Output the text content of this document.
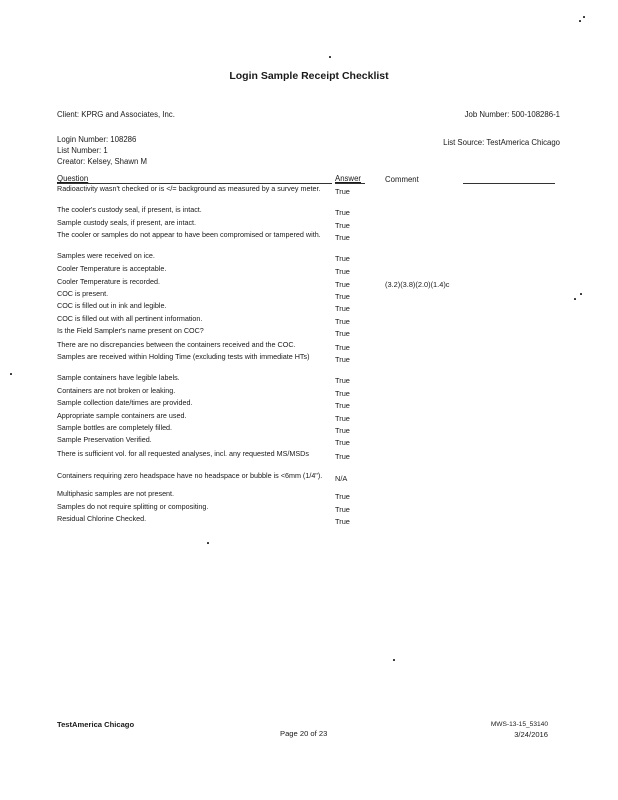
Login Sample Receipt Checklist
Client: KPRG and Associates, Inc.	Job Number: 500-108286-1
Login Number: 108286	List Source: TestAmerica Chicago
List Number: 1
Creator: Kelsey, Shawn M
Question	Answer	Comment
Radioactivity wasn't checked or is </= background as measured by a survey meter.	True
The cooler's custody seal, if present, is intact.	True
Sample custody seals, if present, are intact.	True
The cooler or samples do not appear to have been compromised or tampered with.	True
Samples were received on ice.	True
Cooler Temperature is acceptable.	True
Cooler Temperature is recorded.	True	(3.2)(3.8)(2.0)(1.4)c
COC is present.	True
COC is filled out in ink and legible.	True
COC is filled out with all pertinent information.	True
Is the Field Sampler's name present on COC?	True
There are no discrepancies between the containers received and the COC.	True
Samples are received within Holding Time (excluding tests with immediate HTs)	True
Sample containers have legible labels.	True
Containers are not broken or leaking.	True
Sample collection date/times are provided.	True
Appropriate sample containers are used.	True
Sample bottles are completely filled.	True
Sample Preservation Verified.	True
There is sufficient vol. for all requested analyses, incl. any requested MS/MSDs	True
Containers requiring zero headspace have no headspace or bubble is <6mm (1/4").	N/A
Multiphasic samples are not present.	True
Samples do not require splitting or compositing.	True
Residual Chlorine Checked.	True
TestAmerica Chicago
Page 20 of 23
MWS-13-15_53140
3/24/2016
